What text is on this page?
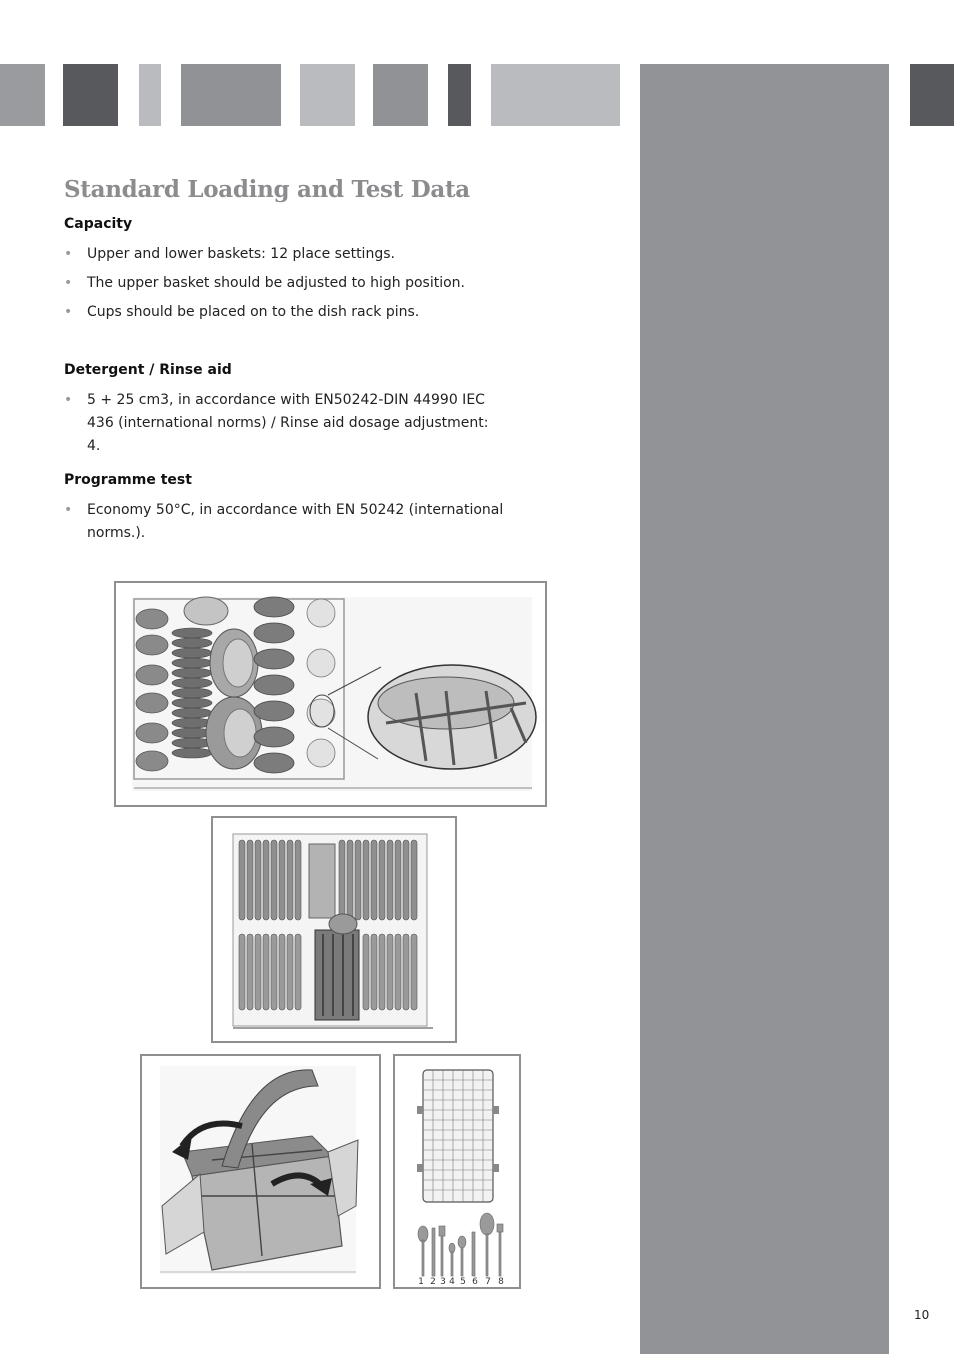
Standard Loading and Test Data
Capacity
• Upper and lower baskets: 12 place settings.
• The upper basket should be adjusted to high position.
• Cups should be placed on to the dish rack pins.
Detergent / Rinse aid
• 5 + 25 cm3, in accordance with EN50242-DIN 44990 IEC 436 (international norms) / Rinse aid dosage adjustment: 4.
Programme test
• Economy 50°C, in accordance with EN 50242 (international norms.).
1 2 3 4 5 6 7 8
10
